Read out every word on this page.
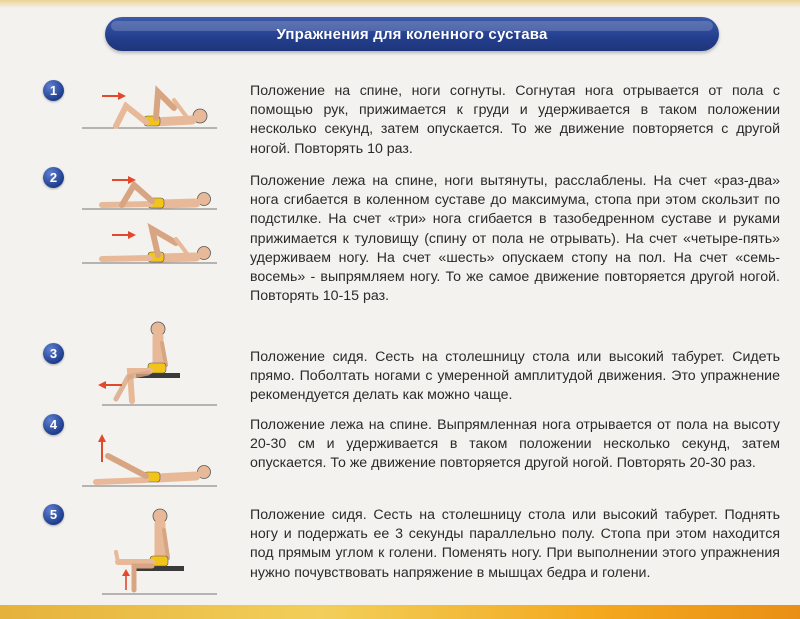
Упражнения для коленного сустава
1	Положение на спине, ноги согнуты. Согнутая нога отрывается от пола с помощью рук, прижимается к груди и удерживается в таком положении несколько секунд, затем опускается. То же движение повторяется с другой ногой. Повторять 10 раз.
2	Положение лежа на спине, ноги вытянуты, расслаблены. На счет «раз-два» нога сгибается в коленном суставе до максимума, стопа при этом скользит по подстилке. На счет «три» нога сгибается в тазобедренном суставе и руками прижимается к туловищу (спину от пола не отрывать). На счет «четыре-пять» удерживаем ногу. На счет «шесть» опускаем стопу на пол. На счет «семь-восемь» - выпрямляем ногу. То же самое движение повторяется другой ногой. Повторять 10-15 раз.
3	Положение сидя. Сесть на столешницу стола или высокий табурет. Сидеть прямо. Поболтать ногами с умеренной амплитудой движения. Это упражнение рекомендуется делать как можно чаще.
4	Положение лежа на спине. Выпрямленная нога отрывается от пола на высоту 20-30 см и удерживается в таком положении несколько секунд, затем опускается. То же движение повторяется другой ногой. Повторять 20-30 раз.
5	Положение сидя. Сесть на столешницу стола или высокий табурет. Поднять ногу и подержать ее 3 секунды параллельно полу. Стопа при этом находится под прямым углом к голени. Поменять ногу. При выполнении этого упражнения нужно почувствовать напряжение в мышцах бедра и голени.
